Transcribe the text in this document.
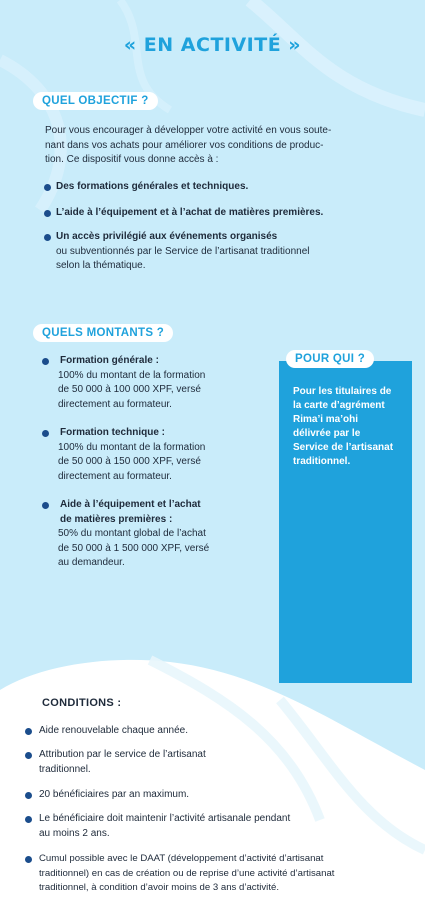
« EN ACTIVITÉ »
QUEL OBJECTIF ?
Pour vous encourager à développer votre activité en vous soute-
nant dans vos achats pour améliorer vos conditions de produc-
tion. Ce dispositif vous donne accès à :
Des formations générales et techniques.
L’aide à l’équipement et à l’achat de matières premières.
Un accès privilégié aux événements organisés
ou subventionnés par le Service de l’artisanat traditionnel
selon la thématique.
QUELS MONTANTS ?
Formation générale :
100% du montant de la formation
de 50 000 à 100 000 XPF, versé
directement au formateur.
Formation technique :
100% du montant de la formation
de 50 000 à 150 000 XPF, versé
directement au formateur.
Aide à l’équipement et l’achat
de matières premières :
50% du montant global de l’achat
de 50 000 à 1 500 000 XPF, versé
au demandeur.
POUR QUI ?
Pour les titulaires de
la carte d’agrément
Rima’i ma’ohi
délivrée par le
Service de l’artisanat
traditionnel.
CONDITIONS :
Aide renouvelable chaque année.
Attribution par le service de l’artisanat
traditionnel.
20 bénéficiaires par an maximum.
Le bénéficiaire doit maintenir l’activité artisanale pendant
au moins 2 ans.
Cumul possible avec le DAAT (développement d’activité d’artisanat
traditionnel) en cas de création ou de reprise d’une activité d’artisanat
traditionnel, à condition d’avoir moins de 3 ans d’activité.
